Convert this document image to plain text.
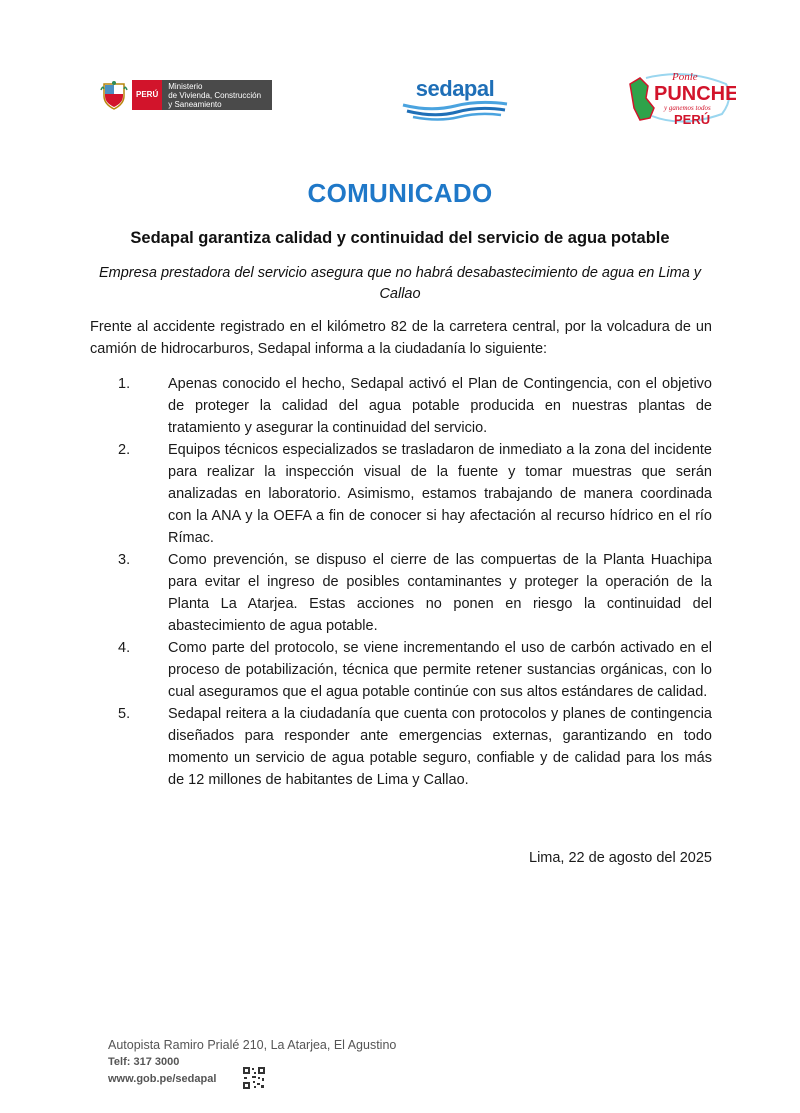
PERÚ
Ministerio
de Vivienda, Construcción
y Saneamiento
sedapal	Ponle
PUNCHE
y ganemos todos
PERÚ
COMUNICADO
Sedapal garantiza calidad y continuidad del servicio de agua potable
Empresa prestadora del servicio asegura que no habrá desabastecimiento de agua en Lima y Callao
Frente al accidente registrado en el kilómetro 82 de la carretera central, por la volcadura de un camión de hidrocarburos, Sedapal informa a la ciudadanía lo siguiente:
1.	Apenas conocido el hecho, Sedapal activó el Plan de Contingencia, con el objetivo de proteger la calidad del agua potable producida en nuestras plantas de tratamiento y asegurar la continuidad del servicio.
2.	Equipos técnicos especializados se trasladaron de inmediato a la zona del incidente para realizar la inspección visual de la fuente y tomar muestras que serán analizadas en laboratorio. Asimismo, estamos trabajando de manera coordinada con la ANA y la OEFA a fin de conocer si hay afectación al recurso hídrico en el río Rímac.
3.	Como prevención, se dispuso el cierre de las compuertas de la Planta Huachipa para evitar el ingreso de posibles contaminantes y proteger la operación de la Planta La Atarjea. Estas acciones no ponen en riesgo la continuidad del abastecimiento de agua potable.
4.	Como parte del protocolo, se viene incrementando el uso de carbón activado en el proceso de potabilización, técnica que permite retener sustancias orgánicas, con lo cual aseguramos que el agua potable continúe con sus altos estándares de calidad.
5.	Sedapal reitera a la ciudadanía que cuenta con protocolos y planes de contingencia diseñados para responder ante emergencias externas, garantizando en todo momento un servicio de agua potable seguro, confiable y de calidad para los más de 12 millones de habitantes de Lima y Callao.
Lima, 22 de agosto del 2025
Autopista Ramiro Prialé 210, La Atarjea, El Agustino
Telf: 317 3000
www.gob.pe/sedapal
